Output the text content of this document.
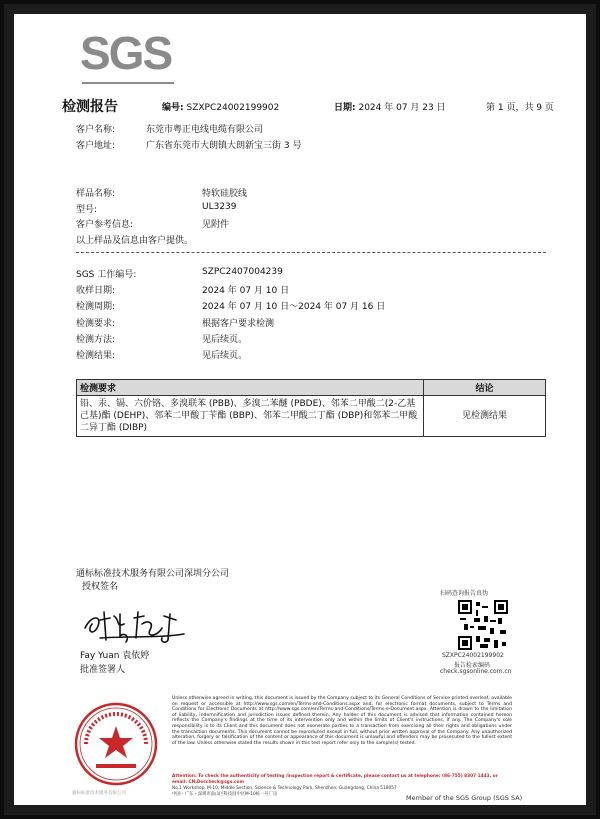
SGS
检测报告	编号: SZXPC24002199902	日期: 2024 年 07 月 23 日	第 1 页，共 9 页
客户名称:	东莞市粤正电线电缆有限公司
客户地址:	广东省东莞市大朗镇大朗新宝三街 3 号
样品名称:	特软硅胶线
型号:	UL3239
客户参考信息:	见附件
以上样品及信息由客户提供。
SGS 工作编号:	SZPC2407004239
收样日期:	2024 年 07 月 10 日
检测周期:	2024 年 07 月 10 日～2024 年 07 月 16 日
检测要求:	根据客户要求检测
检测方法:	见后续页。
检测结果:	见后续页。
检测要求	结论
铅、汞、镉、六价铬、多溴联苯 (PBB)、多溴二苯醚 (PBDE)、邻苯二甲酸二(2-乙基己基)酯 (DEHP)、邻苯二甲酸丁苄酯 (BBP)、邻苯二甲酸二丁酯 (DBP)和邻苯二甲酸二异丁酯 (DIBP)	见检测结果
通标标准技术服务有限公司深圳分公司
授权签名
Fay Yuan 袁依婷
批准签署人
扫码查询报告真伪
SZXPC24002199902
报告检索编码
check.sgsonline.com.cn
通标标准技术服务有限公司
Unless otherwise agreed in writing, this document is issued by the Company subject to its General Conditions of Service printed overleaf, available on request or accessible at http://www.sgs.com/en/Terms-and-Conditions.aspx and, for electronic format documents, subject to Terms and Conditions for Electronic Documents at http://www.sgs.com/en/Terms-and-Conditions/Terms-e-Document.aspx. Attention is drawn to the limitation of liability, indemnification and jurisdiction issues defined therein. Any holder of this document is advised that information contained hereon reflects the Company's findings at the time of its intervention only and within the limits of Client's instructions, if any. The Company's sole responsibility is to its Client and this document does not exonerate parties to a transaction from exercising all their rights and obligations under the transaction documents. This document cannot be reproduced except in full, without prior written approval of the Company. Any unauthorized alteration, forgery or falsification of the content or appearance of this document is unlawful and offenders may be prosecuted to the fullest extent of the law. Unless otherwise stated the results shown in this test report refer only to the sample(s) tested.
Attention: To check the authenticity of testing /inspection report & certificate, please contact us at telephone: (86-755) 8307 1443, or email: CN.Doccheck@sgs.com
No.1 Workshop, M-10, Middle Section, Science & Technology Park, Shenzhen, Guangdong, China 518057
中国・广东・深圳市南山区科技园中区M-10栋一号厂房	Member of the SGS Group (SGS SA)
